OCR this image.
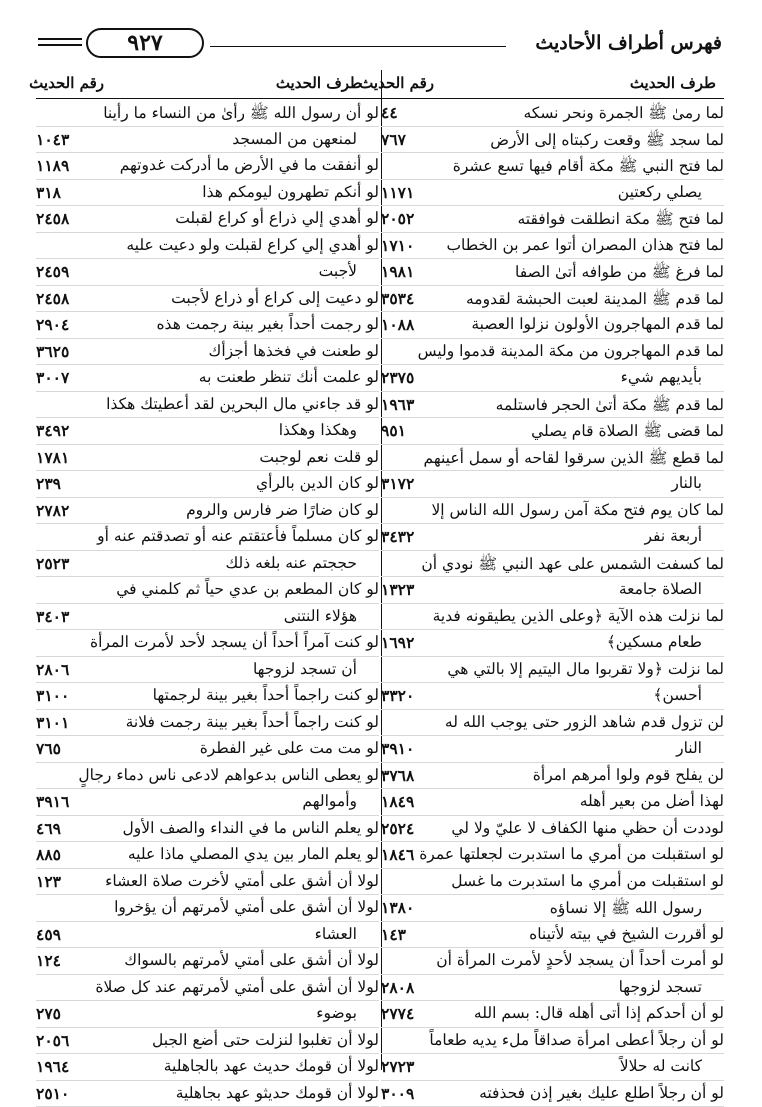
فهرس أطراف الأحاديث
٩٢٧
طرف الحديث
رقم الحديث
طرف الحديث
رقم الحديث
لما رمىٰ ﷺ الجمرة ونحر نسكه
٤٤
لما سجد ﷺ وقعت ركبتاه إلى الأرض
٧٦٧
لما فتح النبي ﷺ مكة أقام فيها تسع عشرة
يصلي ركعتين
١١٧١
لما فتح ﷺ مكة انطلقت فوافقته
٢٠٥٢
لما فتح هذان المصران أتوا عمر بن الخطاب
١٧١٠
لما فرغ ﷺ من طوافه أتىٰ الصفا
١٩٨١
لما قدم ﷺ المدينة لعبت الحبشة لقدومه
٣٥٣٤
لما قدم المهاجرون الأولون نزلوا العصبة
١٠٨٨
لما قدم المهاجرون من مكة المدينة قدموا وليس
بأيديهم شيء
٢٣٧٥
لما قدم ﷺ مكة أتىٰ الحجر فاستلمه
١٩٦٣
لما قضى ﷺ الصلاة قام يصلي
٩٥١
لما قطع ﷺ الذين سرقوا لقاحه أو سمل أعينهم
بالنار
٣١٧٢
لما كان يوم فتح مكة آمن رسول الله الناس إلا
أربعة نفر
٣٤٣٢
لما كسفت الشمس على عهد النبي ﷺ نودي أن
الصلاة جامعة
١٣٢٣
لما نزلت هذه الآية ﴿وعلى الذين يطيقونه فدية
طعام مسكين﴾
١٦٩٢
لما نزلت ﴿ولا تقربوا مال اليتيم إلا بالتي هي
أحسن﴾
٣٣٢٠
لن تزول قدم شاهد الزور حتى يوجب الله له
النار
٣٩١٠
لن يفلح قوم ولوا أمرهم امرأة
٣٧٦٨
لهذا أضل من بعير أهله
١٨٤٩
لوددت أن حظي منها الكفاف لا عليّ ولا لي
٢٥٢٤
لو استقبلت من أمري ما استدبرت لجعلتها عمرة
١٨٤٦
لو استقبلت من أمري ما استدبرت ما غسل
رسول الله ﷺ إلا نساؤه
١٣٨٠
لو أقررت الشيخ في بيته لأتيناه
١٤٣
لو أمرت أحداً أن يسجد لأحدٍ لأمرت المرأة أن
تسجد لزوجها
٢٨٠٨
لو أن أحدكم إذا أتى أهله قال: بسم الله
٢٧٧٤
لو أن رجلاً أعطى امرأة صداقاً ملء يديه طعاماً
كانت له حلالاً
٢٧٢٣
لو أن رجلاً اطلع عليك بغير إذن فحذفته
٣٠٠٩
لو أن رسول الله ﷺ رأىٰ من النساء ما رأينا
لمنعهن من المسجد
١٠٤٣
لو أنفقت ما في الأرض ما أدركت غدوتهم
١١٨٩
لو أنكم تطهرون ليومكم هذا
٣١٨
لو أهدي إلي ذراع أو كراع لقبلت
٢٤٥٨
لو أهدي إلي كراع لقبلت ولو دعيت عليه
لأجبت
٢٤٥٩
لو دعيت إلى كراع أو ذراع لأجبت
٢٤٥٨
لو رجمت أحداً بغير بينة رجمت هذه
٢٩٠٤
لو طعنت في فخذها أجزأك
٣٦٢٥
لو علمت أنك تنظر طعنت به
٣٠٠٧
لو قد جاءني مال البحرين لقد أعطيتك هكذا
وهكذا وهكذا
٣٤٩٢
لو قلت نعم لوجبت
١٧٨١
لو كان الدين بالرأي
٢٣٩
لو كان ضارًا ضر فارس والروم
٢٧٨٢
لو كان مسلماً فأعتقتم عنه أو تصدقتم عنه أو
حججتم عنه بلغه ذلك
٢٥٢٣
لو كان المطعم بن عدي حياً ثم كلمني في
هؤلاء النتنى
٣٤٠٣
لو كنت آمراً أحداً أن يسجد لأحد لأمرت المرأة
أن تسجد لزوجها
٢٨٠٦
لو كنت راجماً أحداً بغير بينة لرجمتها
٣١٠٠
لو كنت راجماً أحداً بغير بينة رجمت فلانة
٣١٠١
لو مت مت على غير الفطرة
٧٦٥
لو يعطى الناس بدعواهم لادعى ناس دماء رجالٍ
وأموالهم
٣٩١٦
لو يعلم الناس ما في النداء والصف الأول
٤٦٩
لو يعلم المار بين يدي المصلي ماذا عليه
٨٨٥
لولا أن أشق على أمتي لأخرت صلاة العشاء
١٢٣
لولا أن أشق على أمتي لأمرتهم أن يؤخروا
العشاء
٤٥٩
لولا أن أشق على أمتي لأمرتهم بالسواك
١٢٤
لولا أن أشق على أمتي لأمرتهم عند كل صلاة
بوضوء
٢٧٥
لولا أن تغلبوا لنزلت حتى أضع الجبل
٢٠٥٦
لولا أن قومك حديث عهد بالجاهلية
١٩٦٤
لولا أن قومك حديثو عهد بجاهلية
٢٥١٠
